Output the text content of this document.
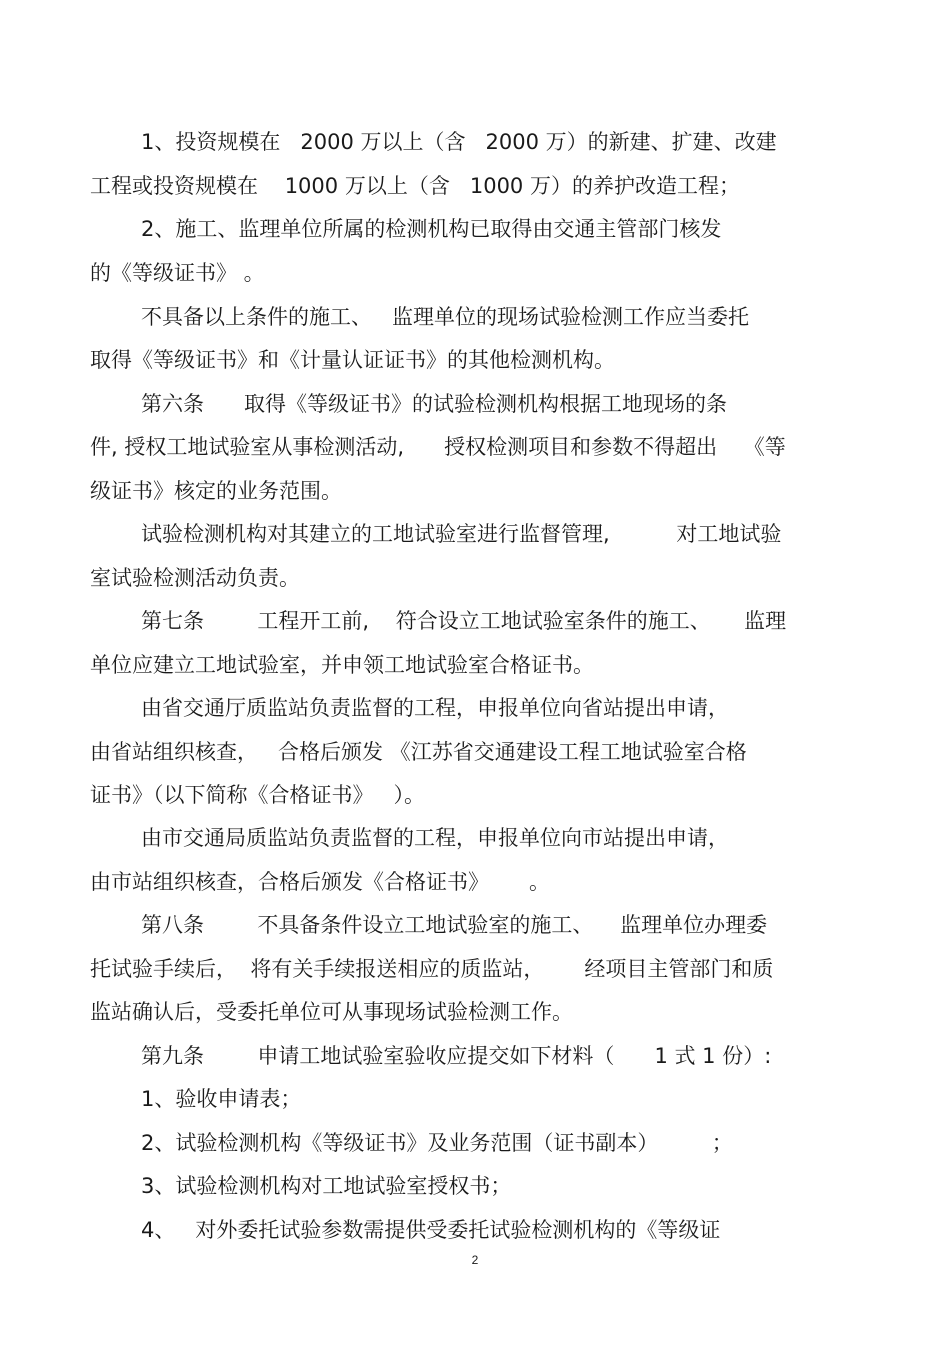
1、投资规模在   2000 万以上（含   2000 万）的新建、扩建、改建

工程或投资规模在    1000 万以上（含   1000 万）的养护改造工程；

2、施工、监理单位所属的检测机构已取得由交通主管部门核发

的《等级证书》 。

不具备以上条件的施工、   监理单位的现场试验检测工作应当委托

取得《等级证书》和《计量认证证书》的其他检测机构。

第六条      取得《等级证书》的试验检测机构根据工地现场的条

件, 授权工地试验室从事检测活动,      授权检测项目和参数不得超出    《等

级证书》核定的业务范围。

试验检测机构对其建立的工地试验室进行监督管理,          对工地试验

室试验检测活动负责。

第七条        工程开工前,    符合设立工地试验室条件的施工、     监理

单位应建立工地试验室，并申领工地试验室合格证书。

由省交通厅质监站负责监督的工程，申报单位向省站提出申请，

由省站组织核查，   合格后颁发 《江苏省交通建设工程工地试验室合格

证书》（以下简称《合格证书》   ）。

由市交通局质监站负责监督的工程，申报单位向市站提出申请，

由市站组织核查，合格后颁发《合格证书》      。

第八条        不具备条件设立工地试验室的施工、    监理单位办理委

托试验手续后，  将有关手续报送相应的质监站，      经项目主管部门和质

监站确认后，受委托单位可从事现场试验检测工作。

第九条        申请工地试验室验收应提交如下材料（      1 式 1 份）:

1、验收申请表；

2、试验检测机构《等级证书》及业务范围（证书副本）        ；

3、试验检测机构对工地试验室授权书；

4、   对外委托试验参数需提供受委托试验检测机构的《等级证

2
